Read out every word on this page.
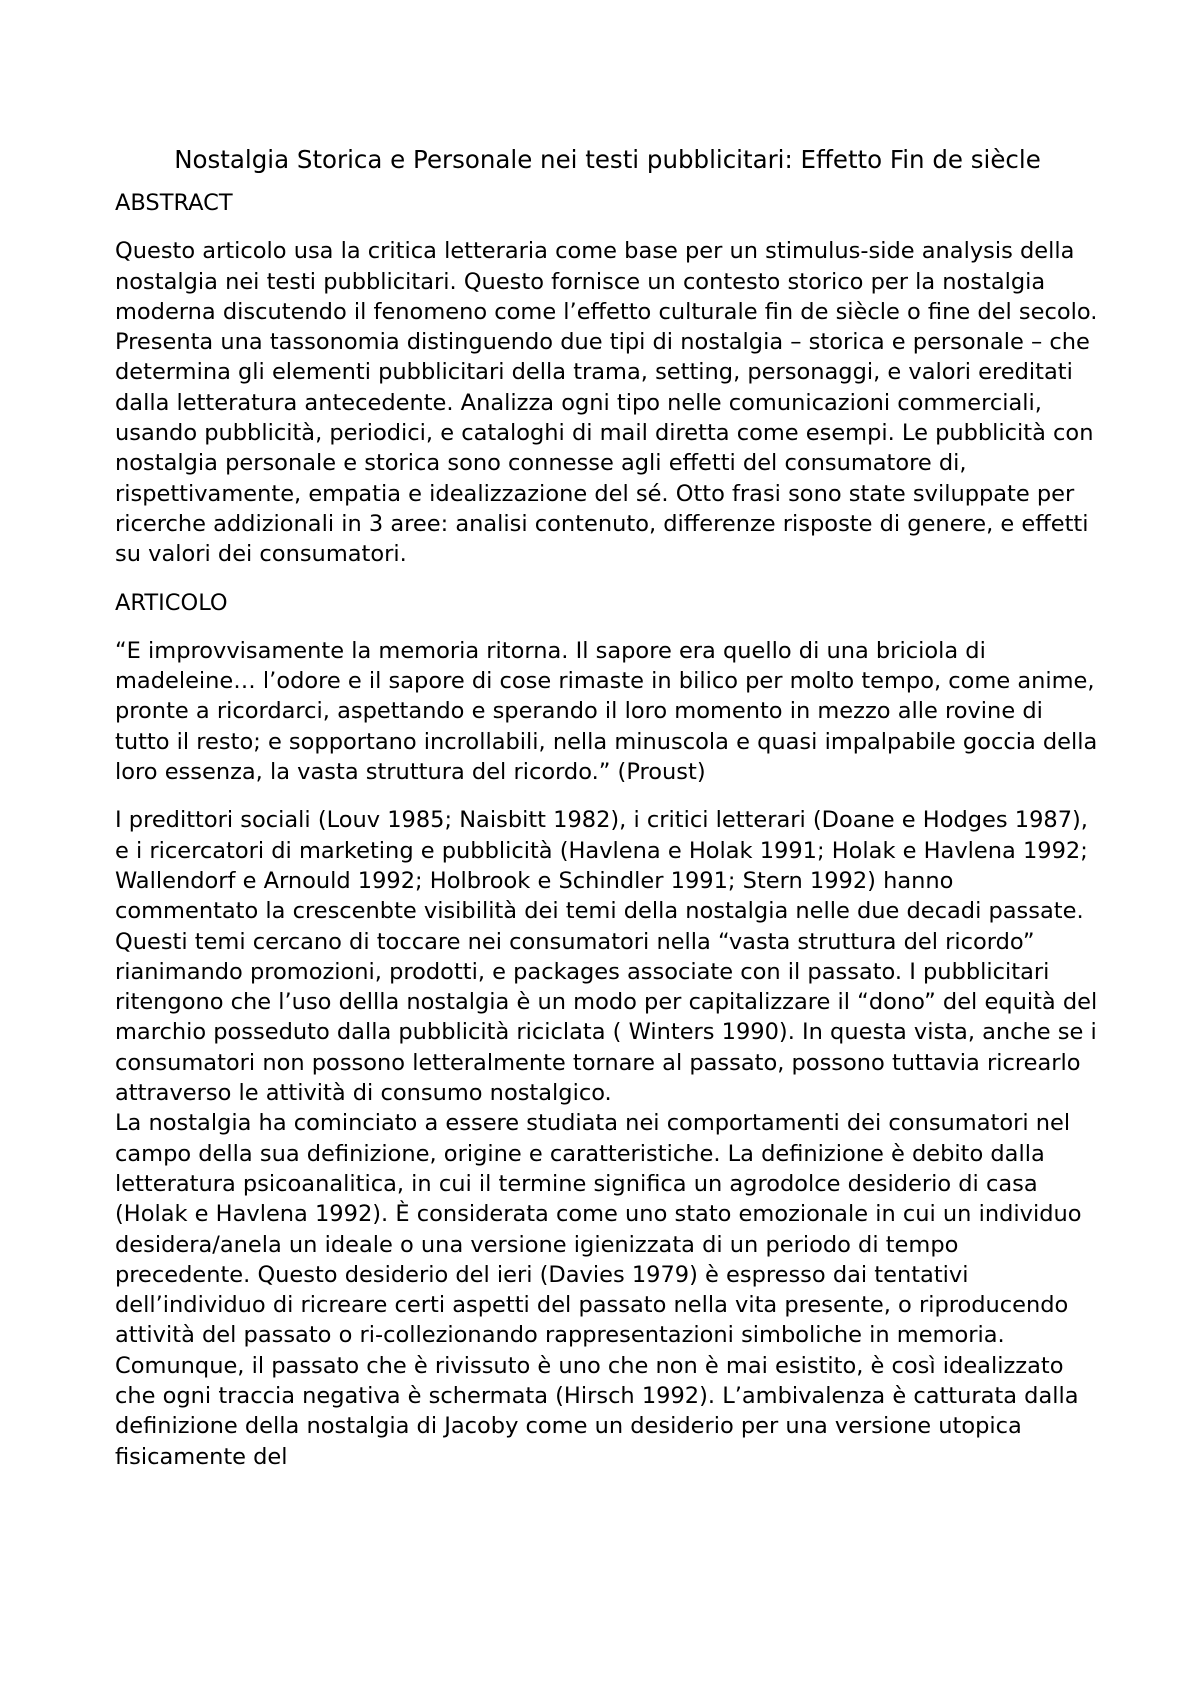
Nostalgia Storica e Personale nei testi pubblicitari: Effetto Fin de siècle
ABSTRACT

Questo articolo usa la critica letteraria come base per un stimulus-side analysis della nostalgia nei testi pubblicitari. Questo fornisce un contesto storico per la nostalgia moderna discutendo il fenomeno come l’effetto culturale fin de siècle o fine del secolo. Presenta una tassonomia distinguendo due tipi di nostalgia – storica e personale – che determina gli elementi pubblicitari della trama, setting, personaggi, e valori ereditati dalla letteratura antecedente. Analizza ogni tipo nelle comunicazioni commerciali, usando pubblicità, periodici, e cataloghi di mail diretta come esempi. Le pubblicità con nostalgia personale e storica sono connesse agli effetti del consumatore di, rispettivamente, empatia e idealizzazione del sé. Otto frasi sono state sviluppate per ricerche addizionali in 3 aree: analisi contenuto, differenze risposte di genere, e effetti su valori dei consumatori.

ARTICOLO

“E improvvisamente la memoria ritorna. Il sapore era quello di una briciola di madeleine… l’odore e il sapore di cose rimaste in bilico per molto tempo, come anime, pronte a ricordarci, aspettando e sperando il loro momento in mezzo alle rovine di tutto il resto; e sopportano incrollabili, nella minuscola e quasi impalpabile goccia della loro essenza, la vasta struttura del ricordo.” (Proust)

I predittori sociali (Louv 1985; Naisbitt 1982), i critici letterari (Doane e Hodges 1987), e i ricercatori di marketing e pubblicità (Havlena e Holak 1991; Holak e Havlena 1992; Wallendorf e Arnould 1992; Holbrook e Schindler 1991; Stern 1992) hanno commentato la crescenbte visibilità dei temi della nostalgia nelle due decadi passate. Questi temi cercano di toccare nei consumatori nella “vasta struttura del ricordo” rianimando promozioni, prodotti, e packages associate con il passato. I pubblicitari ritengono che l’uso dellla nostalgia è un modo per capitalizzare il “dono” del equità del marchio posseduto dalla pubblicità riciclata ( Winters 1990). In questa vista, anche se i consumatori non possono letteralmente tornare al passato, possono tuttavia ricrearlo attraverso le attività di consumo nostalgico.

La nostalgia ha cominciato a essere studiata nei comportamenti dei consumatori nel campo della sua definizione, origine e caratteristiche. La definizione è debito dalla letteratura psicoanalitica, in cui il termine significa un agrodolce desiderio di casa (Holak e Havlena 1992). È considerata come uno stato emozionale in cui un individuo desidera/anela un ideale o una versione igienizzata di un periodo di tempo precedente. Questo desiderio del ieri (Davies 1979) è espresso dai tentativi dell’individuo di ricreare certi aspetti del passato nella vita presente, o riproducendo attività del passato o ri-collezionando rappresentazioni simboliche in memoria. Comunque, il passato che è rivissuto è uno che non è mai esistito, è così idealizzato che ogni traccia negativa è schermata (Hirsch 1992). L’ambivalenza è catturata dalla definizione della nostalgia di Jacoby come un desiderio per una versione utopica fisicamente del
